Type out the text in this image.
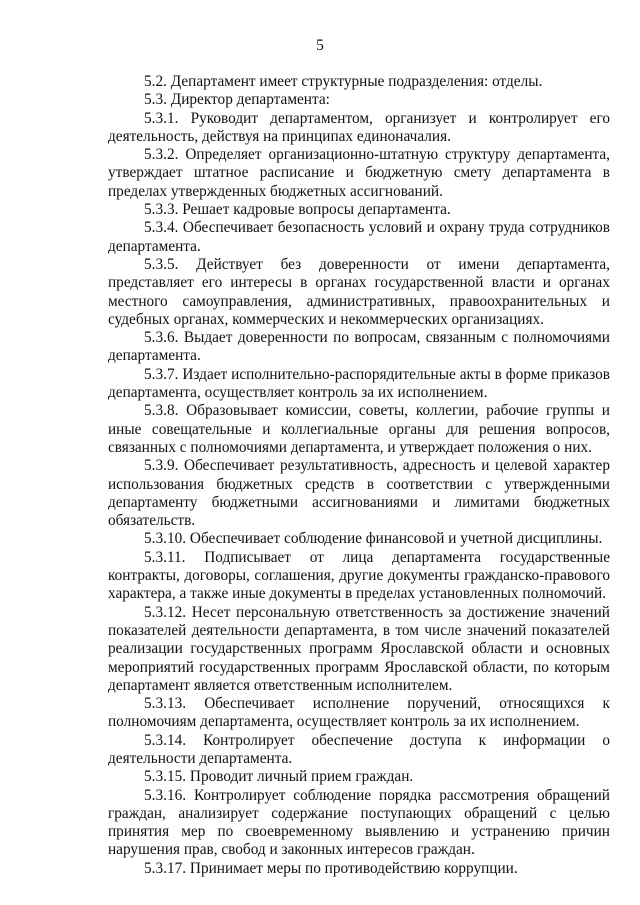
5

5.2. Департамент имеет структурные подразделения: отделы.

5.3. Директор департамента:

5.3.1. Руководит департаментом, организует и контролирует его деятельность, действуя на принципах единоначалия.

5.3.2. Определяет организационно-штатную структуру департамента, утверждает штатное расписание и бюджетную смету департамента в пределах утвержденных бюджетных ассигнований.

5.3.3. Решает кадровые вопросы департамента.

5.3.4. Обеспечивает безопасность условий и охрану труда сотрудников департамента.

5.3.5. Действует без доверенности от имени департамента, представляет его интересы в органах государственной власти и органах местного самоуправления, административных, правоохранительных и судебных органах, коммерческих и некоммерческих организациях.

5.3.6. Выдает доверенности по вопросам, связанным с полномочиями департамента.

5.3.7. Издает исполнительно-распорядительные акты в форме приказов департамента, осуществляет контроль за их исполнением.

5.3.8. Образовывает комиссии, советы, коллегии, рабочие группы и иные совещательные и коллегиальные органы для решения вопросов, связанных с полномочиями департамента, и утверждает положения о них.

5.3.9. Обеспечивает результативность, адресность и целевой характер использования бюджетных средств в соответствии с утвержденными департаменту бюджетными ассигнованиями и лимитами бюджетных обязательств.

5.3.10. Обеспечивает соблюдение финансовой и учетной дисциплины.

5.3.11. Подписывает от лица департамента государственные контракты, договоры, соглашения, другие документы гражданско-правового характера, а также иные документы в пределах установленных полномочий.

5.3.12. Несет персональную ответственность за достижение значений показателей деятельности департамента, в том числе значений показателей реализации государственных программ Ярославской области и основных мероприятий государственных программ Ярославской области, по которым департамент является ответственным исполнителем.

5.3.13. Обеспечивает исполнение поручений, относящихся к полномочиям департамента, осуществляет контроль за их исполнением.

5.3.14. Контролирует обеспечение доступа к информации о деятельности департамента.

5.3.15. Проводит личный прием граждан.

5.3.16. Контролирует соблюдение порядка рассмотрения обращений граждан, анализирует содержание поступающих обращений с целью принятия мер по своевременному выявлению и устранению причин нарушения прав, свобод и законных интересов граждан.

5.3.17. Принимает меры по противодействию коррупции.
